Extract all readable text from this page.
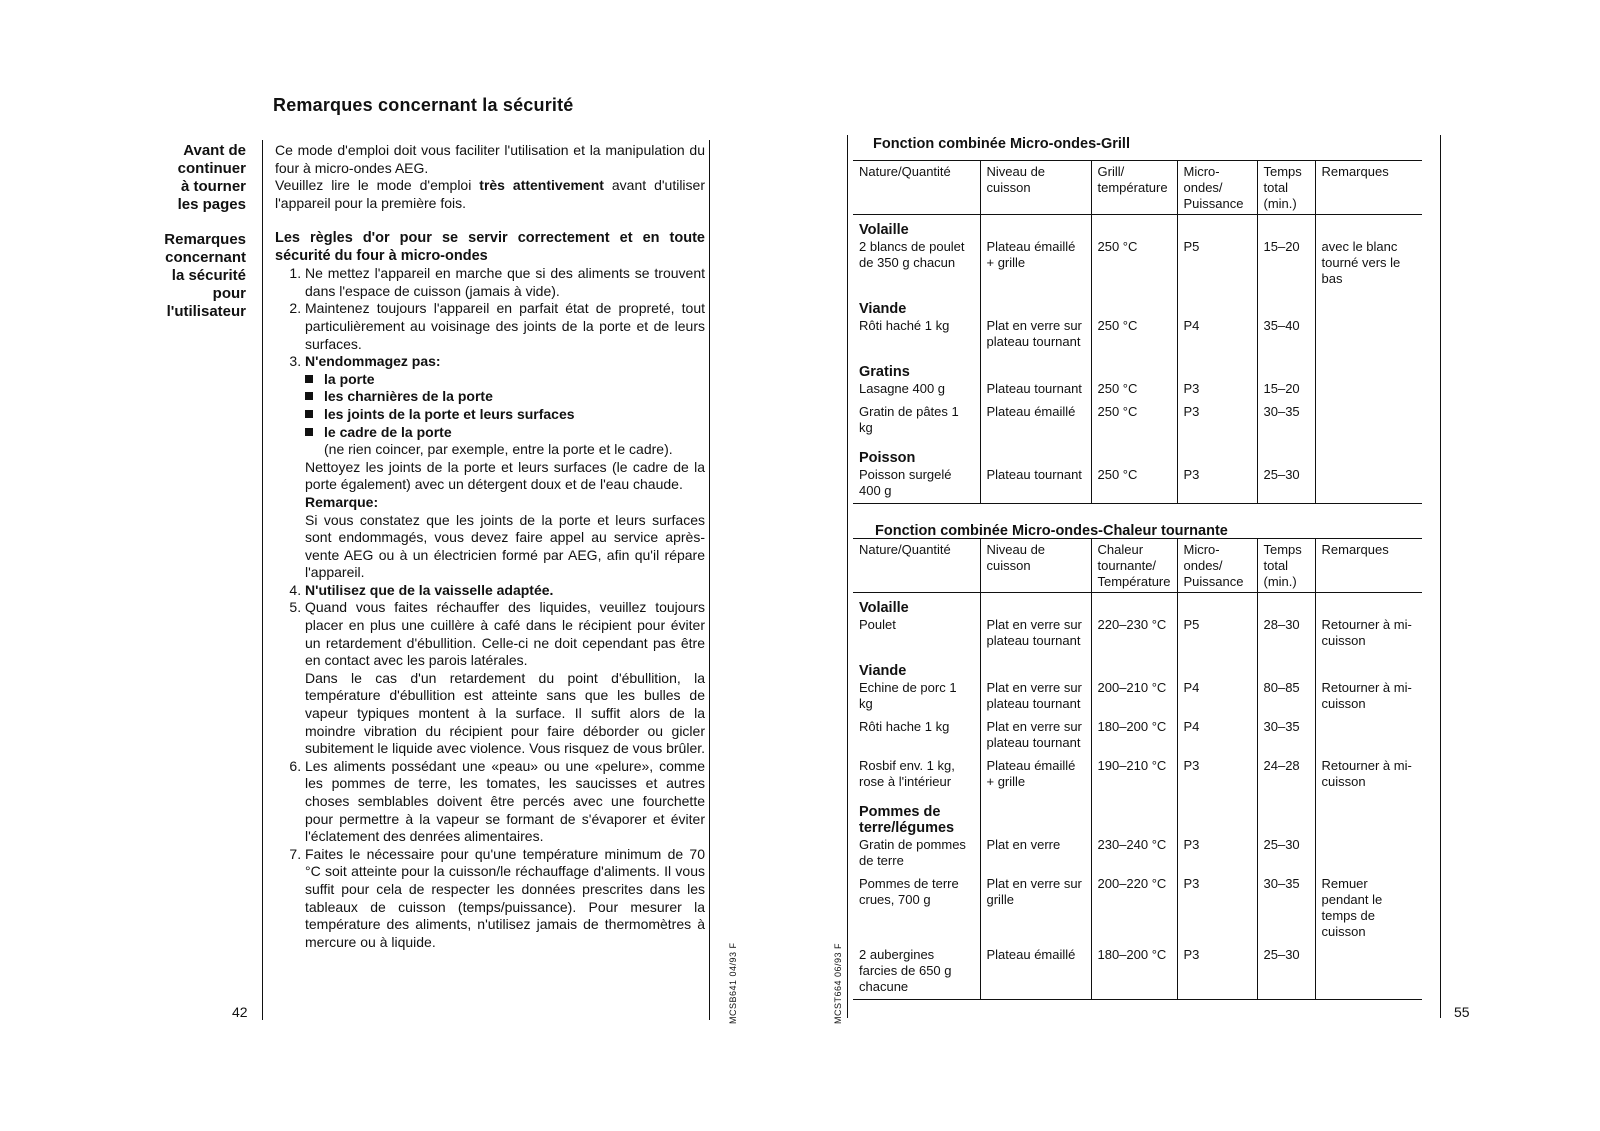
Remarques concernant la sécurité
Avant de
continuer
à tourner
les pages
Remarques
concernant
la sécurité
pour
l'utilisateur
Ce mode d'emploi doit vous faciliter l'utilisation et la manipulation du four à micro-ondes AEG.
Veuillez lire le mode d'emploi très attentivement avant d'utiliser l'appareil pour la première fois.
Les règles d'or pour se servir correctement et en toute sécurité du four à micro-ondes
1. Ne mettez l'appareil en marche que si des aliments se trouvent dans l'espace de cuisson (jamais à vide).
2. Maintenez toujours l'appareil en parfait état de propreté, tout particulièrement au voisinage des joints de la porte et de leurs surfaces.
3. N'endommagez pas:
la porte
les charnières de la porte
les joints de la porte et leurs surfaces
le cadre de la porte
(ne rien coincer, par exemple, entre la porte et le cadre).
Nettoyez les joints de la porte et leurs surfaces (le cadre de la porte également) avec un détergent doux et de l'eau chaude.
Remarque:
Si vous constatez que les joints de la porte et leurs surfaces sont endommagés, vous devez faire appel au service après-vente AEG ou à un électricien formé par AEG, afin qu'il répare l'appareil.
4. N'utilisez que de la vaisselle adaptée.
5. Quand vous faites réchauffer des liquides, veuillez toujours placer en plus une cuillère à café dans le récipient pour éviter un retardement d'ébullition. Celle-ci ne doit cependant pas être en contact avec les parois latérales.
Dans le cas d'un retardement du point d'ébullition, la température d'ébullition est atteinte sans que les bulles de vapeur typiques montent à la surface. Il suffit alors de la moindre vibration du récipient pour faire déborder ou gicler subitement le liquide avec violence. Vous risquez de vous brûler.
6. Les aliments possédant une «peau» ou une «pelure», comme les pommes de terre, les tomates, les saucisses et autres choses semblables doivent être percés avec une fourchette pour permettre à la vapeur se formant de s'évaporer et éviter l'éclatement des denrées alimentaires.
7. Faites le nécessaire pour qu'une température minimum de 70 °C soit atteinte pour la cuisson/le réchauffage d'aliments. Il vous suffit pour cela de respecter les données prescrites dans les tableaux de cuisson (temps/puissance). Pour mesurer la température des aliments, n'utilisez jamais de thermomètres à mercure ou à liquide.
42	MCSB641 04/93 F	MCST664 06/93 F	55
Fonction combinée Micro-ondes-Grill
Nature/Quantité	Niveau de cuisson	Grill/ température	Micro-ondes/ Puissance	Temps total (min.)	Remarques
Volaille					
2 blancs de poulet de 350 g chacun	Plateau émaillé + grille	250 °C	P5	15–20	avec le blanc tourné vers le bas
Viande					
Rôti haché 1 kg	Plat en verre sur plateau tournant	250 °C	P4	35–40	
Gratins					
Lasagne 400 g	Plateau tournant	250 °C	P3	15–20	
Gratin de pâtes 1 kg	Plateau émaillé	250 °C	P3	30–35	
Poisson					
Poisson surgelé 400 g	Plateau tournant	250 °C	P3	25–30	
Fonction combinée Micro-ondes-Chaleur tournante
Nature/Quantité	Niveau de cuisson	Chaleur tournante/ Température	Micro-ondes/ Puissance	Temps total (min.)	Remarques
Volaille					
Poulet	Plat en verre sur plateau tournant	220–230 °C	P5	28–30	Retourner à mi-cuisson
Viande					
Echine de porc 1 kg	Plat en verre sur plateau tournant	200–210 °C	P4	80–85	Retourner à mi-cuisson
Rôti hache 1 kg	Plat en verre sur plateau tournant	180–200 °C	P4	30–35	
Rosbif env. 1 kg, rose à l'intérieur	Plateau émaillé + grille	190–210 °C	P3	24–28	Retourner à mi-cuisson
Pommes de terre/légumes					
Gratin de pommes de terre	Plat en verre	230–240 °C	P3	25–30	
Pommes de terre crues, 700 g	Plat en verre sur grille	200–220 °C	P3	30–35	Remuer pendant le temps de cuisson
2 aubergines farcies de 650 g chacune	Plateau émaillé	180–200 °C	P3	25–30	
